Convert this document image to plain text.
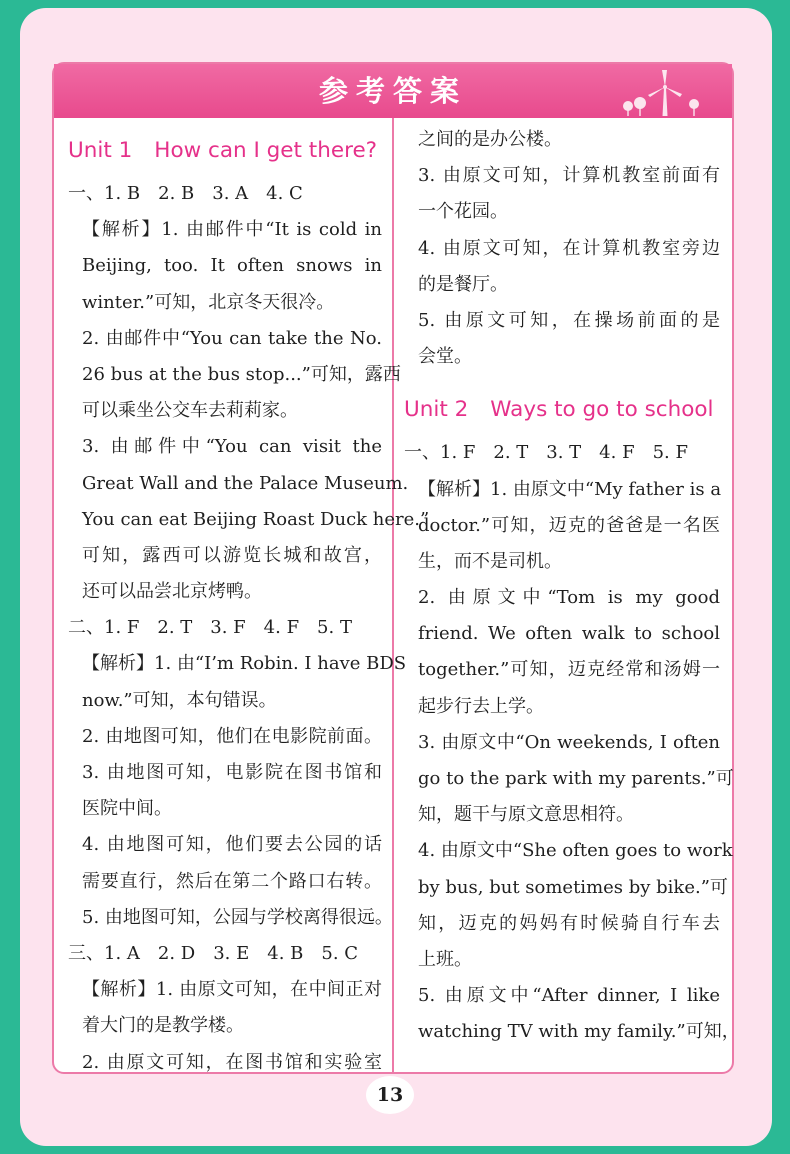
参考答案
Unit 1 How can I get there?
一、1. B　2. B　3. A　4. C
【解析】1. 由邮件中“It is cold in
Beijing, too. It often snows in
winter.”可知，北京冬天很冷。
2. 由邮件中“You can take the No.
26 bus at the bus stop...”可知，露西
可以乘坐公交车去莉莉家。
3. 由邮件中“You can visit the
Great Wall and the Palace Museum.
You can eat Beijing Roast Duck here.”
可知，露西可以游览长城和故宫，
还可以品尝北京烤鸭。
二、1. F　2. T　3. F　4. F　5. T
【解析】1. 由“I’m Robin. I have BDS
now.”可知，本句错误。
2. 由地图可知，他们在电影院前面。
3. 由地图可知，电影院在图书馆和
医院中间。
4. 由地图可知，他们要去公园的话
需要直行，然后在第二个路口右转。
5. 由地图可知，公园与学校离得很远。
三、1. A　2. D　3. E　4. B　5. C
【解析】1. 由原文可知，在中间正对
着大门的是教学楼。
2. 由原文可知，在图书馆和实验室
之间的是办公楼。
3. 由原文可知，计算机教室前面有
一个花园。
4. 由原文可知，在计算机教室旁边
的是餐厅。
5. 由原文可知，在操场前面的是
会堂。
Unit 2 Ways to go to school
一、1. F　2. T　3. T　4. F　5. F
【解析】1. 由原文中“My father is a
doctor.”可知，迈克的爸爸是一名医
生，而不是司机。
2. 由原文中“Tom is my good
friend. We often walk to school
together.”可知，迈克经常和汤姆一
起步行去上学。
3. 由原文中“On weekends, I often
go to the park with my parents.”可
知，题干与原文意思相符。
4. 由原文中“She often goes to work
by bus, but sometimes by bike.”可
知，迈克的妈妈有时候骑自行车去
上班。
5. 由原文中“After dinner, I like
watching TV with my family.”可知，
13
